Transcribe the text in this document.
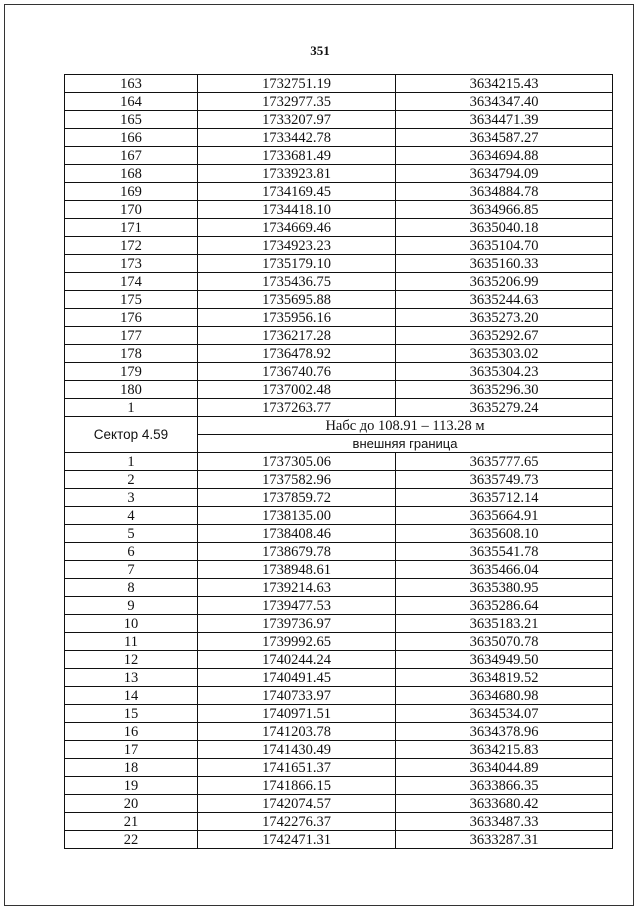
351
163	1732751.19	3634215.43
164	1732977.35	3634347.40
165	1733207.97	3634471.39
166	1733442.78	3634587.27
167	1733681.49	3634694.88
168	1733923.81	3634794.09
169	1734169.45	3634884.78
170	1734418.10	3634966.85
171	1734669.46	3635040.18
172	1734923.23	3635104.70
173	1735179.10	3635160.33
174	1735436.75	3635206.99
175	1735695.88	3635244.63
176	1735956.16	3635273.20
177	1736217.28	3635292.67
178	1736478.92	3635303.02
179	1736740.76	3635304.23
180	1737002.48	3635296.30
1	1737263.77	3635279.24
Сектор 4.59	Набс до 108.91 – 113.28 м	
	внешняя граница	
1	1737305.06	3635777.65
2	1737582.96	3635749.73
3	1737859.72	3635712.14
4	1738135.00	3635664.91
5	1738408.46	3635608.10
6	1738679.78	3635541.78
7	1738948.61	3635466.04
8	1739214.63	3635380.95
9	1739477.53	3635286.64
10	1739736.97	3635183.21
11	1739992.65	3635070.78
12	1740244.24	3634949.50
13	1740491.45	3634819.52
14	1740733.97	3634680.98
15	1740971.51	3634534.07
16	1741203.78	3634378.96
17	1741430.49	3634215.83
18	1741651.37	3634044.89
19	1741866.15	3633866.35
20	1742074.57	3633680.42
21	1742276.37	3633487.33
22	1742471.31	3633287.31
